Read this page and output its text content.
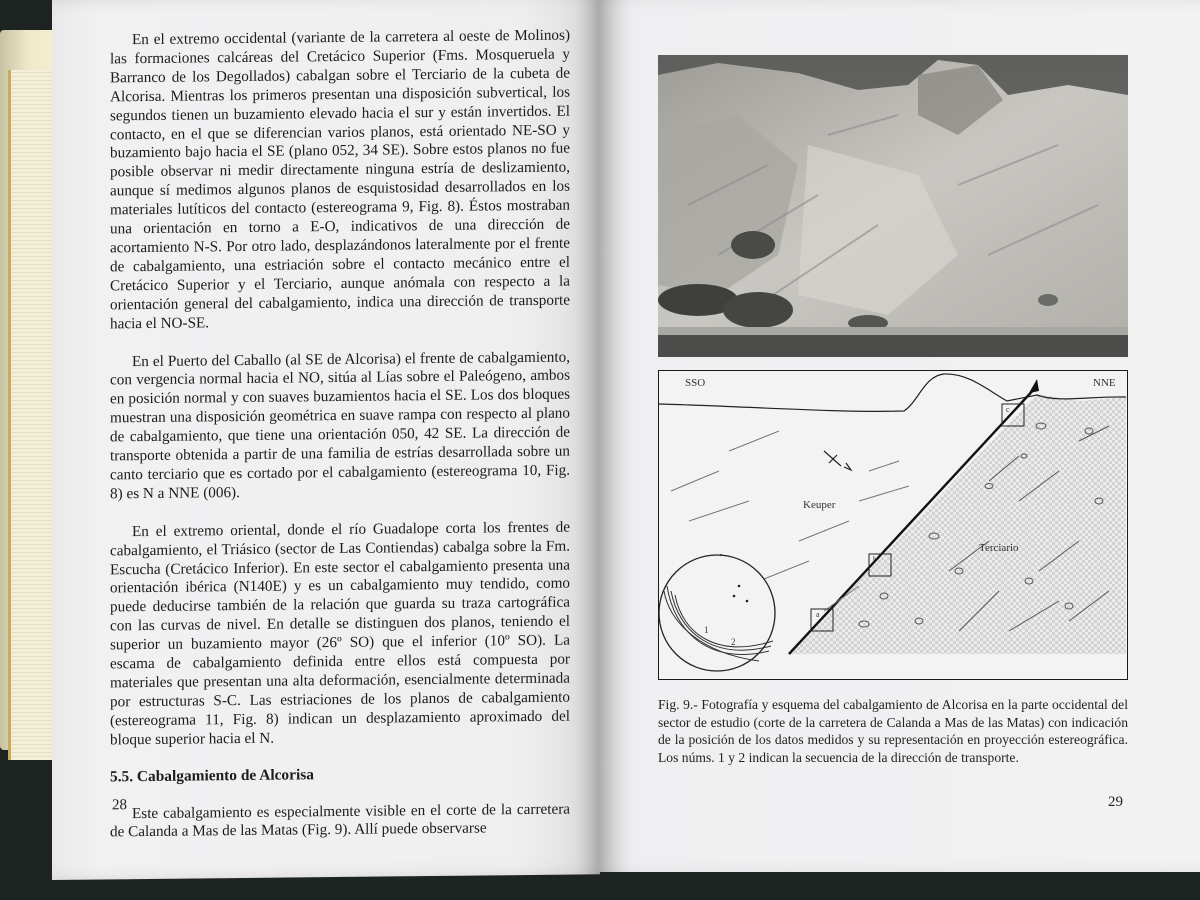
En el extremo occidental (variante de la carretera al oeste de Molinos) las formaciones calcáreas del Cretácico Superior (Fms. Mosqueruela y Barranco de los Degollados) cabalgan sobre el Terciario de la cubeta de Alcorisa. Mientras los primeros presentan una disposición subvertical, los segundos tienen un buzamiento elevado hacia el sur y están invertidos. El contacto, en el que se diferencian varios planos, está orientado NE-SO y buzamiento bajo hacia el SE (plano 052, 34 SE). Sobre estos planos no fue posible observar ni medir directamente ninguna estría de deslizamiento, aunque sí medimos algunos planos de esquistosidad desarrollados en los materiales lutíticos del contacto (estereograma 9, Fig. 8). Éstos mostraban una orientación en torno a E-O, indicativos de una dirección de acortamiento N-S. Por otro lado, desplazándonos lateralmente por el frente de cabalgamiento, una estriación sobre el contacto mecánico entre el Cretácico Superior y el Terciario, aunque anómala con respecto a la orientación general del cabalgamiento, indica una dirección de transporte hacia el NO-SE.

En el Puerto del Caballo (al SE de Alcorisa) el frente de cabalgamiento, con vergencia normal hacia el NO, sitúa al Lías sobre el Paleógeno, ambos en posición normal y con suaves buzamientos hacia el SE. Los dos bloques muestran una disposición geométrica en suave rampa con respecto al plano de cabalgamiento, que tiene una orientación 050, 42 SE. La dirección de transporte obtenida a partir de una familia de estrías desarrollada sobre un canto terciario que es cortado por el cabalgamiento (estereograma 10, Fig. 8) es N a NNE (006).

En el extremo oriental, donde el río Guadalope corta los frentes de cabalgamiento, el Triásico (sector de Las Contiendas) cabalga sobre la Fm. Escucha (Cretácico Inferior). En este sector el cabalgamiento presenta una orientación ibérica (N140E) y es un cabalgamiento muy tendido, como puede deducirse también de la relación que guarda su traza cartográfica con las curvas de nivel. En detalle se distinguen dos planos, teniendo el superior un buzamiento mayor (26º SO) que el inferior (10º SO). La escama de cabalgamiento definida entre ellos está compuesta por materiales que presentan una alta deformación, esencialmente determinada por estructuras S-C. Las estriaciones de los planos de cabalgamiento (estereograma 11, Fig. 8) indican un desplazamiento aproximado del bloque superior hacia el N.

5.5. Cabalgamiento de Alcorisa

Este cabalgamiento es especialmente visible en el corte de la carretera de Calanda a Mas de las Matas (Fig. 9). Allí puede observarse

28
SSO	NNE
Keuper
Terciario
a
b
c
1
2
Fig. 9.- Fotografía y esquema del cabalgamiento de Alcorisa en la parte occidental del sector de estudio (corte de la carretera de Calanda a Mas de las Matas) con indicación de la posición de los datos medidos y su representación en proyección estereográfica. Los núms. 1 y 2 indican la secuencia de la dirección de transporte.
29
